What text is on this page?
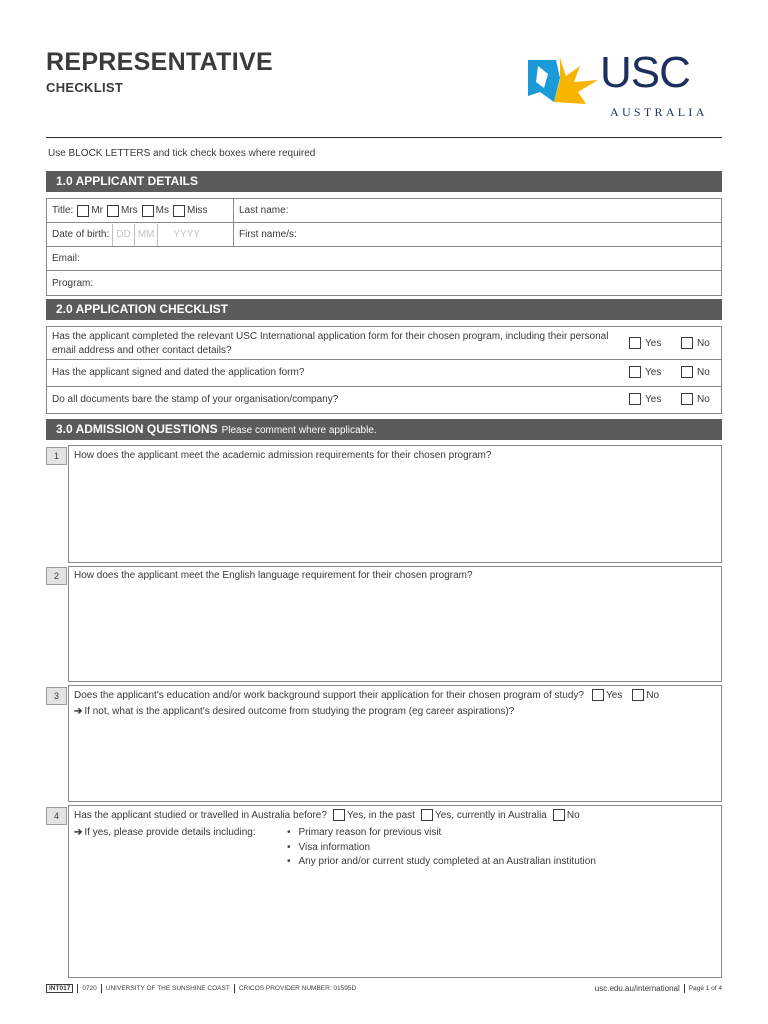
REPRESENTATIVE
CHECKLIST	USC
AUSTRALIA
Use BLOCK LETTERS and tick check boxes where required
1.0 APPLICANT DETAILS
Title: Mr Mrs Ms Miss	Last name:
Date of birth: DD MM YYYY	First name/s:
Email:
Program:
2.0 APPLICATION CHECKLIST
Has the applicant completed the relevant USC International application form for their chosen program, including their personal email address and other contact details?
Yes	No
Has the applicant signed and dated the application form?	Yes	No
Do all documents bare the stamp of your organisation/company?	Yes	No
3.0 ADMISSION QUESTIONS Please comment where applicable.
1	How does the applicant meet the academic admission requirements for their chosen program?
2	How does the applicant meet the English language requirement for their chosen program?
3	Does the applicant's education and/or work background support their application for their chosen program of study? Yes No
➔ If not, what is the applicant's desired outcome from studying the program (eg career aspirations)?
4	Has the applicant studied or travelled in Australia before? Yes, in the past Yes, currently in Australia No
➔ If yes, please provide details including:
•	Primary reason for previous visit
• Visa information
• Any prior and/or current study completed at an Australian institution
INT017	0720 UNIVERSITY OF THE SUNSHINE COAST CRICOS PROVIDER NUMBER: 01595D	usc.edu.au/international Page 1 of 4
